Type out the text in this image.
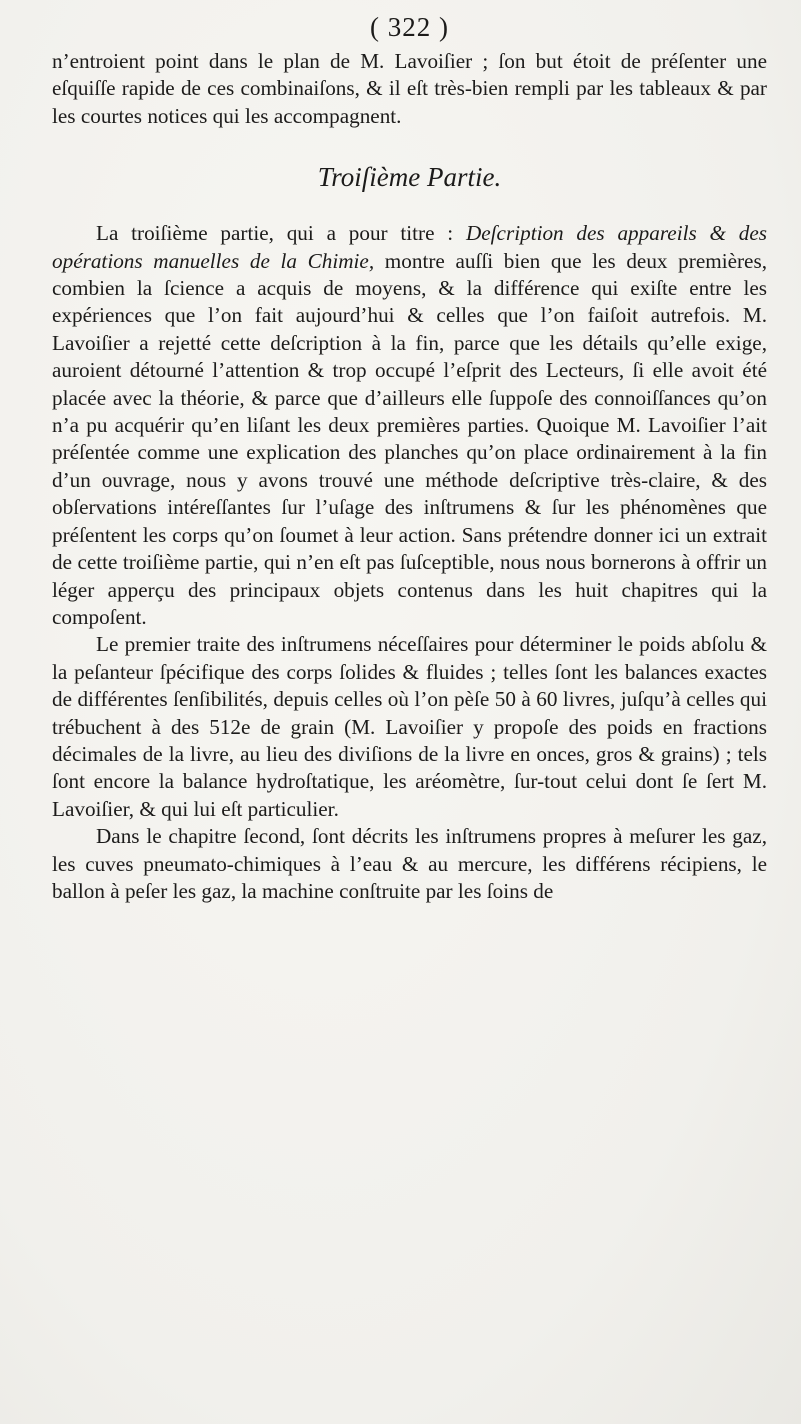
( 322 )

n’entroient point dans le plan de M. Lavoiſier ; ſon but étoit de préſenter une eſquiſſe rapide de ces combinaiſons, & il eſt très-bien rempli par les tableaux & par les courtes notices qui les accompagnent.

Troiſième Partie.

La troiſième partie, qui a pour titre : Deſcription des appareils & des opérations manuelles de la Chimie, montre auſſi bien que les deux premières, combien la ſcience a acquis de moyens, & la différence qui exiſte entre les expériences que l’on fait aujourd’hui & celles que l’on faiſoit autrefois. M. Lavoiſier a rejetté cette deſcription à la fin, parce que les détails qu’elle exige, auroient détourné l’attention & trop occupé l’eſprit des Lecteurs, ſi elle avoit été placée avec la théorie, & parce que d’ailleurs elle ſuppoſe des connoiſſances qu’on n’a pu acquérir qu’en liſant les deux premières parties. Quoique M. Lavoiſier l’ait préſentée comme une explication des planches qu’on place ordinairement à la fin d’un ouvrage, nous y avons trouvé une méthode deſcriptive très-claire, & des obſervations intéreſſantes ſur l’uſage des inſtrumens & ſur les phénomènes que préſentent les corps qu’on ſoumet à leur action. Sans prétendre donner ici un extrait de cette troiſième partie, qui n’en eſt pas ſuſceptible, nous nous bornerons à offrir un léger apperçu des principaux objets contenus dans les huit chapitres qui la compoſent.

Le premier traite des inſtrumens néceſſaires pour déterminer le poids abſolu & la peſanteur ſpécifique des corps ſolides & fluides ; telles ſont les balances exactes de différentes ſenſibilités, depuis celles où l’on pèſe 50 à 60 livres, juſqu’à celles qui trébuchent à des 512e de grain (M. Lavoiſier y propoſe des poids en fractions décimales de la livre, au lieu des diviſions de la livre en onces, gros & grains) ; tels ſont encore la balance hydroſtatique, les aréomètre, ſur-tout celui dont ſe ſert M. Lavoiſier, & qui lui eſt particulier.

Dans le chapitre ſecond, ſont décrits les inſtrumens propres à meſurer les gaz, les cuves pneumato-chimiques à l’eau & au mercure, les différens récipiens, le ballon à peſer les gaz, la machine conſtruite par les ſoins de
